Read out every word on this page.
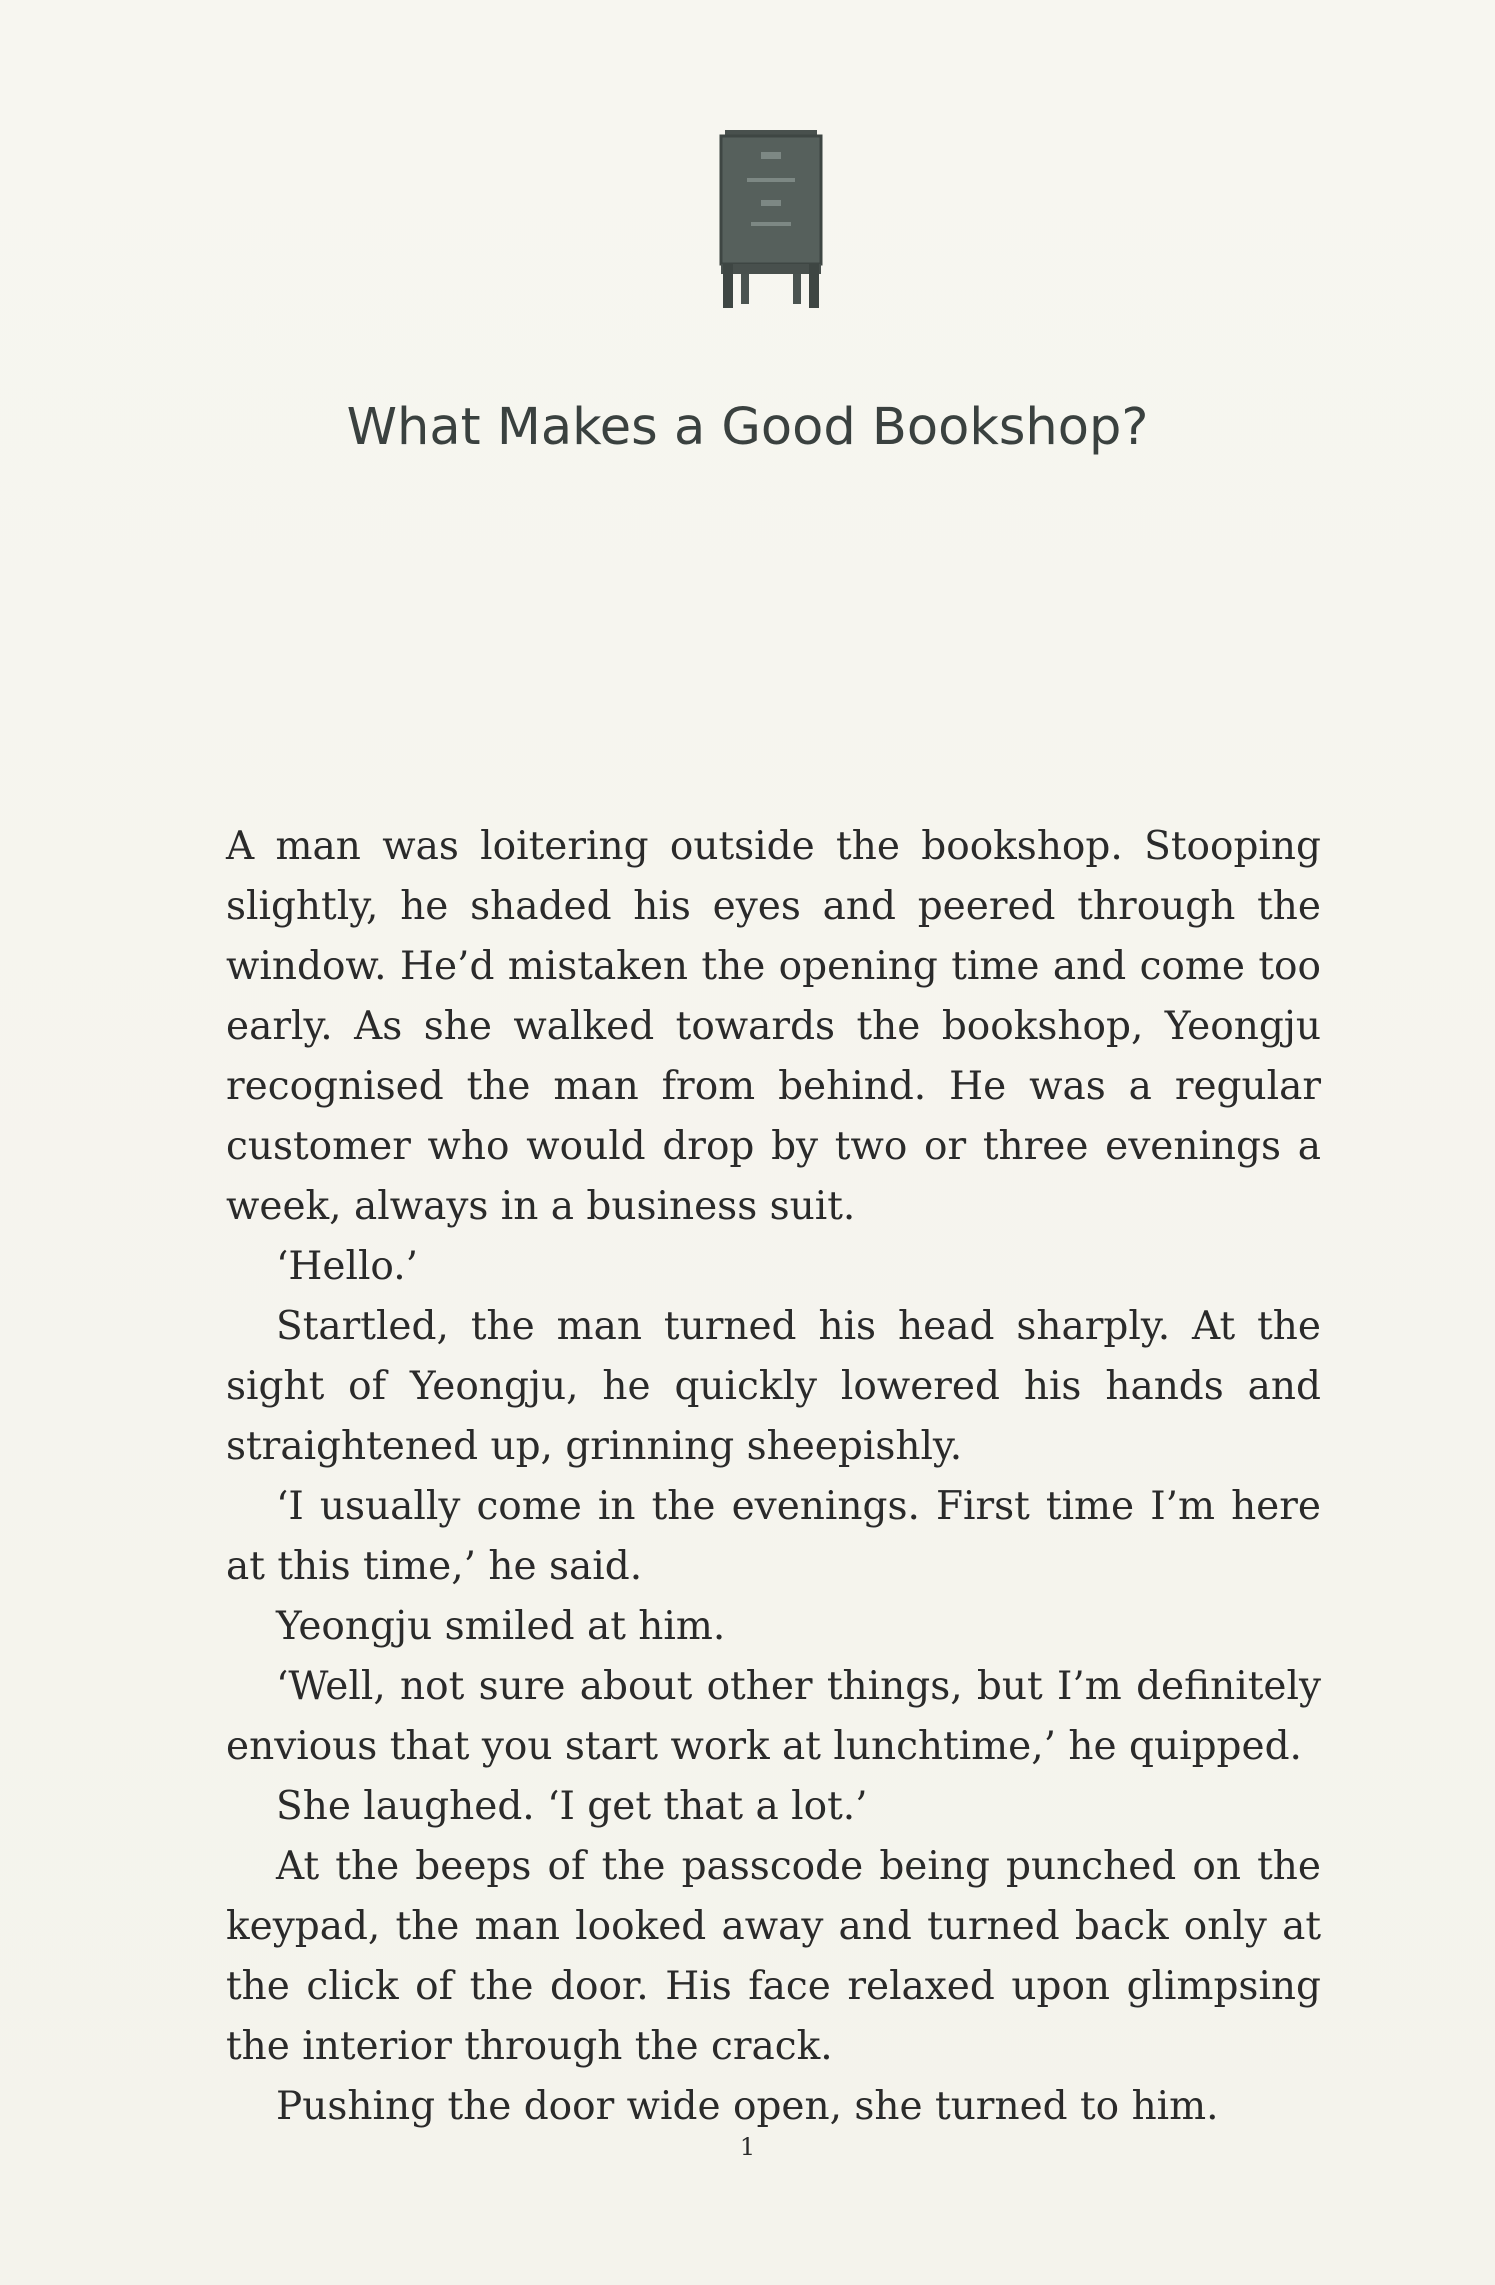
What Makes a Good Bookshop?

A man was loitering outside the bookshop. Stooping slightly, he shaded his eyes and peered through the window. He’d mistaken the opening time and come too early. As she walked towards the bookshop, Yeongju recognised the man from behind. He was a regular customer who would drop by two or three evenings a week, always in a business suit.

‘Hello.’

Startled, the man turned his head sharply. At the sight of Yeongju, he quickly lowered his hands and straightened up, grinning sheepishly.

‘I usually come in the evenings. First time I’m here at this time,’ he said.

Yeongju smiled at him.

‘Well, not sure about other things, but I’m definitely envious that you start work at lunchtime,’ he quipped.

She laughed. ‘I get that a lot.’

At the beeps of the passcode being punched on the keypad, the man looked away and turned back only at the click of the door. His face relaxed upon glimpsing the interior through the crack.

Pushing the door wide open, she turned to him.

1
